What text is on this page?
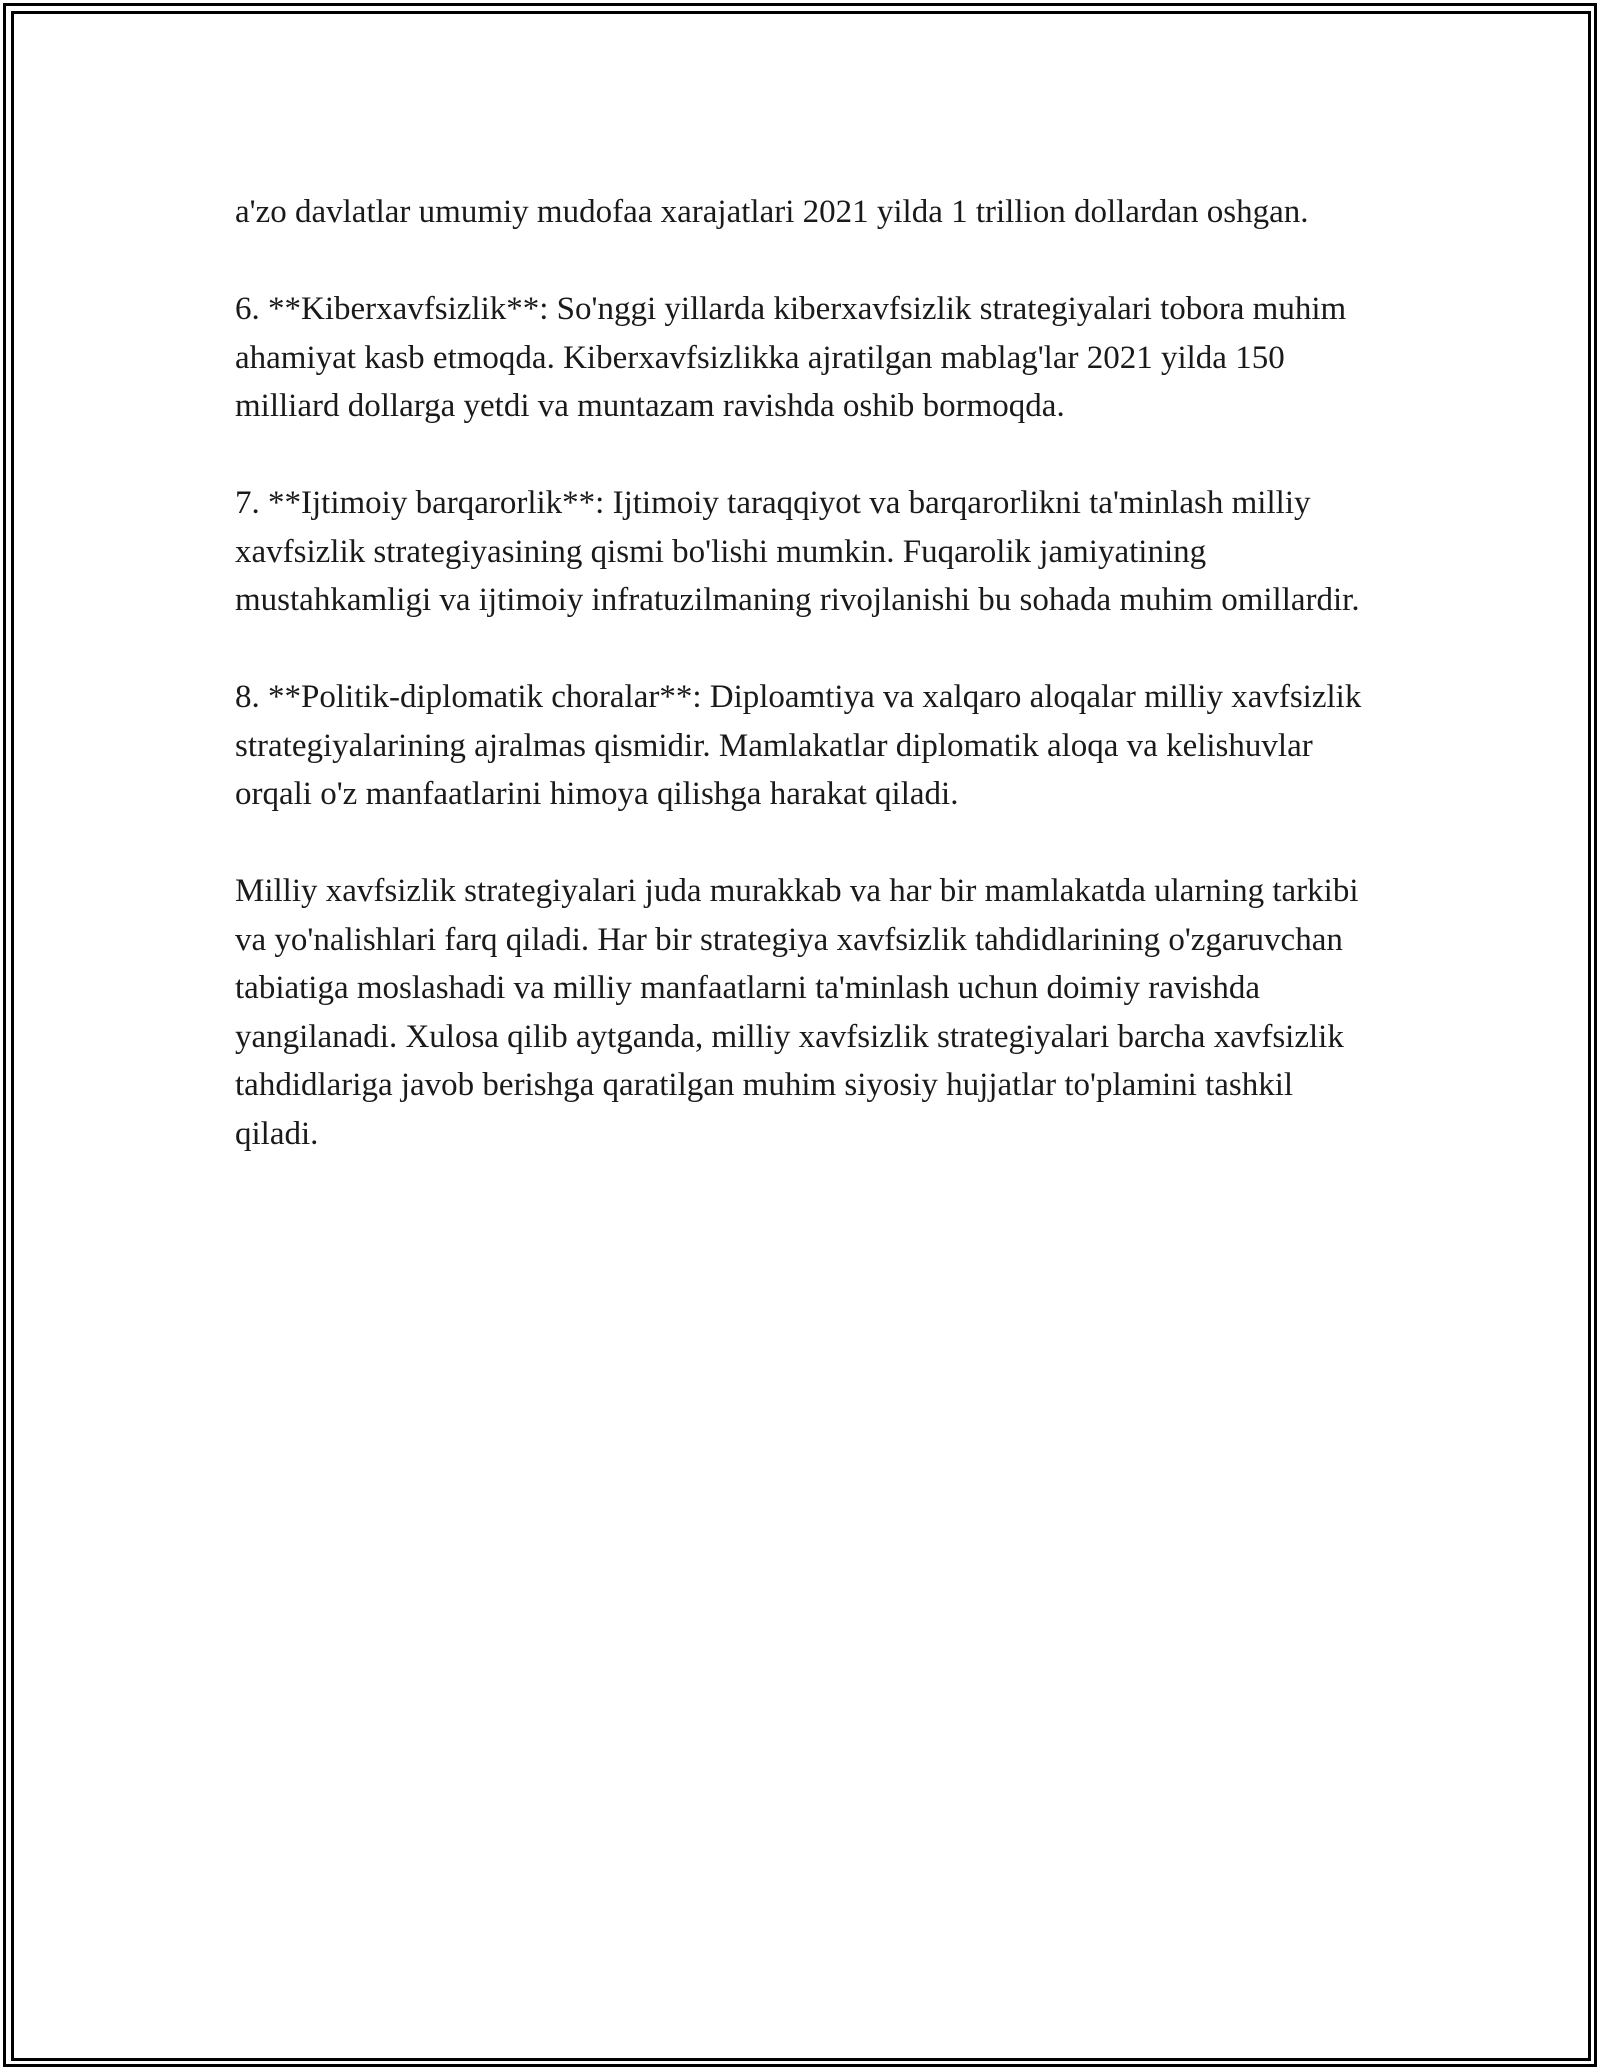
a'zo davlatlar umumiy mudofaa xarajatlari 2021 yilda 1 trillion dollardan oshgan.

6. **Kiberxavfsizlik**: So'nggi yillarda kiberxavfsizlik strategiyalari tobora muhim ahamiyat kasb etmoqda. Kiberxavfsizlikka ajratilgan mablag'lar 2021 yilda 150 milliard dollarga yetdi va muntazam ravishda oshib bormoqda.

7. **Ijtimoiy barqarorlik**: Ijtimoiy taraqqiyot va barqarorlikni ta'minlash milliy xavfsizlik strategiyasining qismi bo'lishi mumkin. Fuqarolik jamiyatining mustahkamligi va ijtimoiy infratuzilmaning rivojlanishi bu sohada muhim omillardir.

8. **Politik-diplomatik choralar**: Diploamtiya va xalqaro aloqalar milliy xavfsizlik strategiyalarining ajralmas qismidir. Mamlakatlar diplomatik aloqa va kelishuvlar orqali o'z manfaatlarini himoya qilishga harakat qiladi.

Milliy xavfsizlik strategiyalari juda murakkab va har bir mamlakatda ularning tarkibi va yo'nalishlari farq qiladi. Har bir strategiya xavfsizlik tahdidlarining o'zgaruvchan tabiatiga moslashadi va milliy manfaatlarni ta'minlash uchun doimiy ravishda yangilanadi. Xulosa qilib aytganda, milliy xavfsizlik strategiyalari barcha xavfsizlik tahdidlariga javob berishga qaratilgan muhim siyosiy hujjatlar to'plamini tashkil qiladi.
